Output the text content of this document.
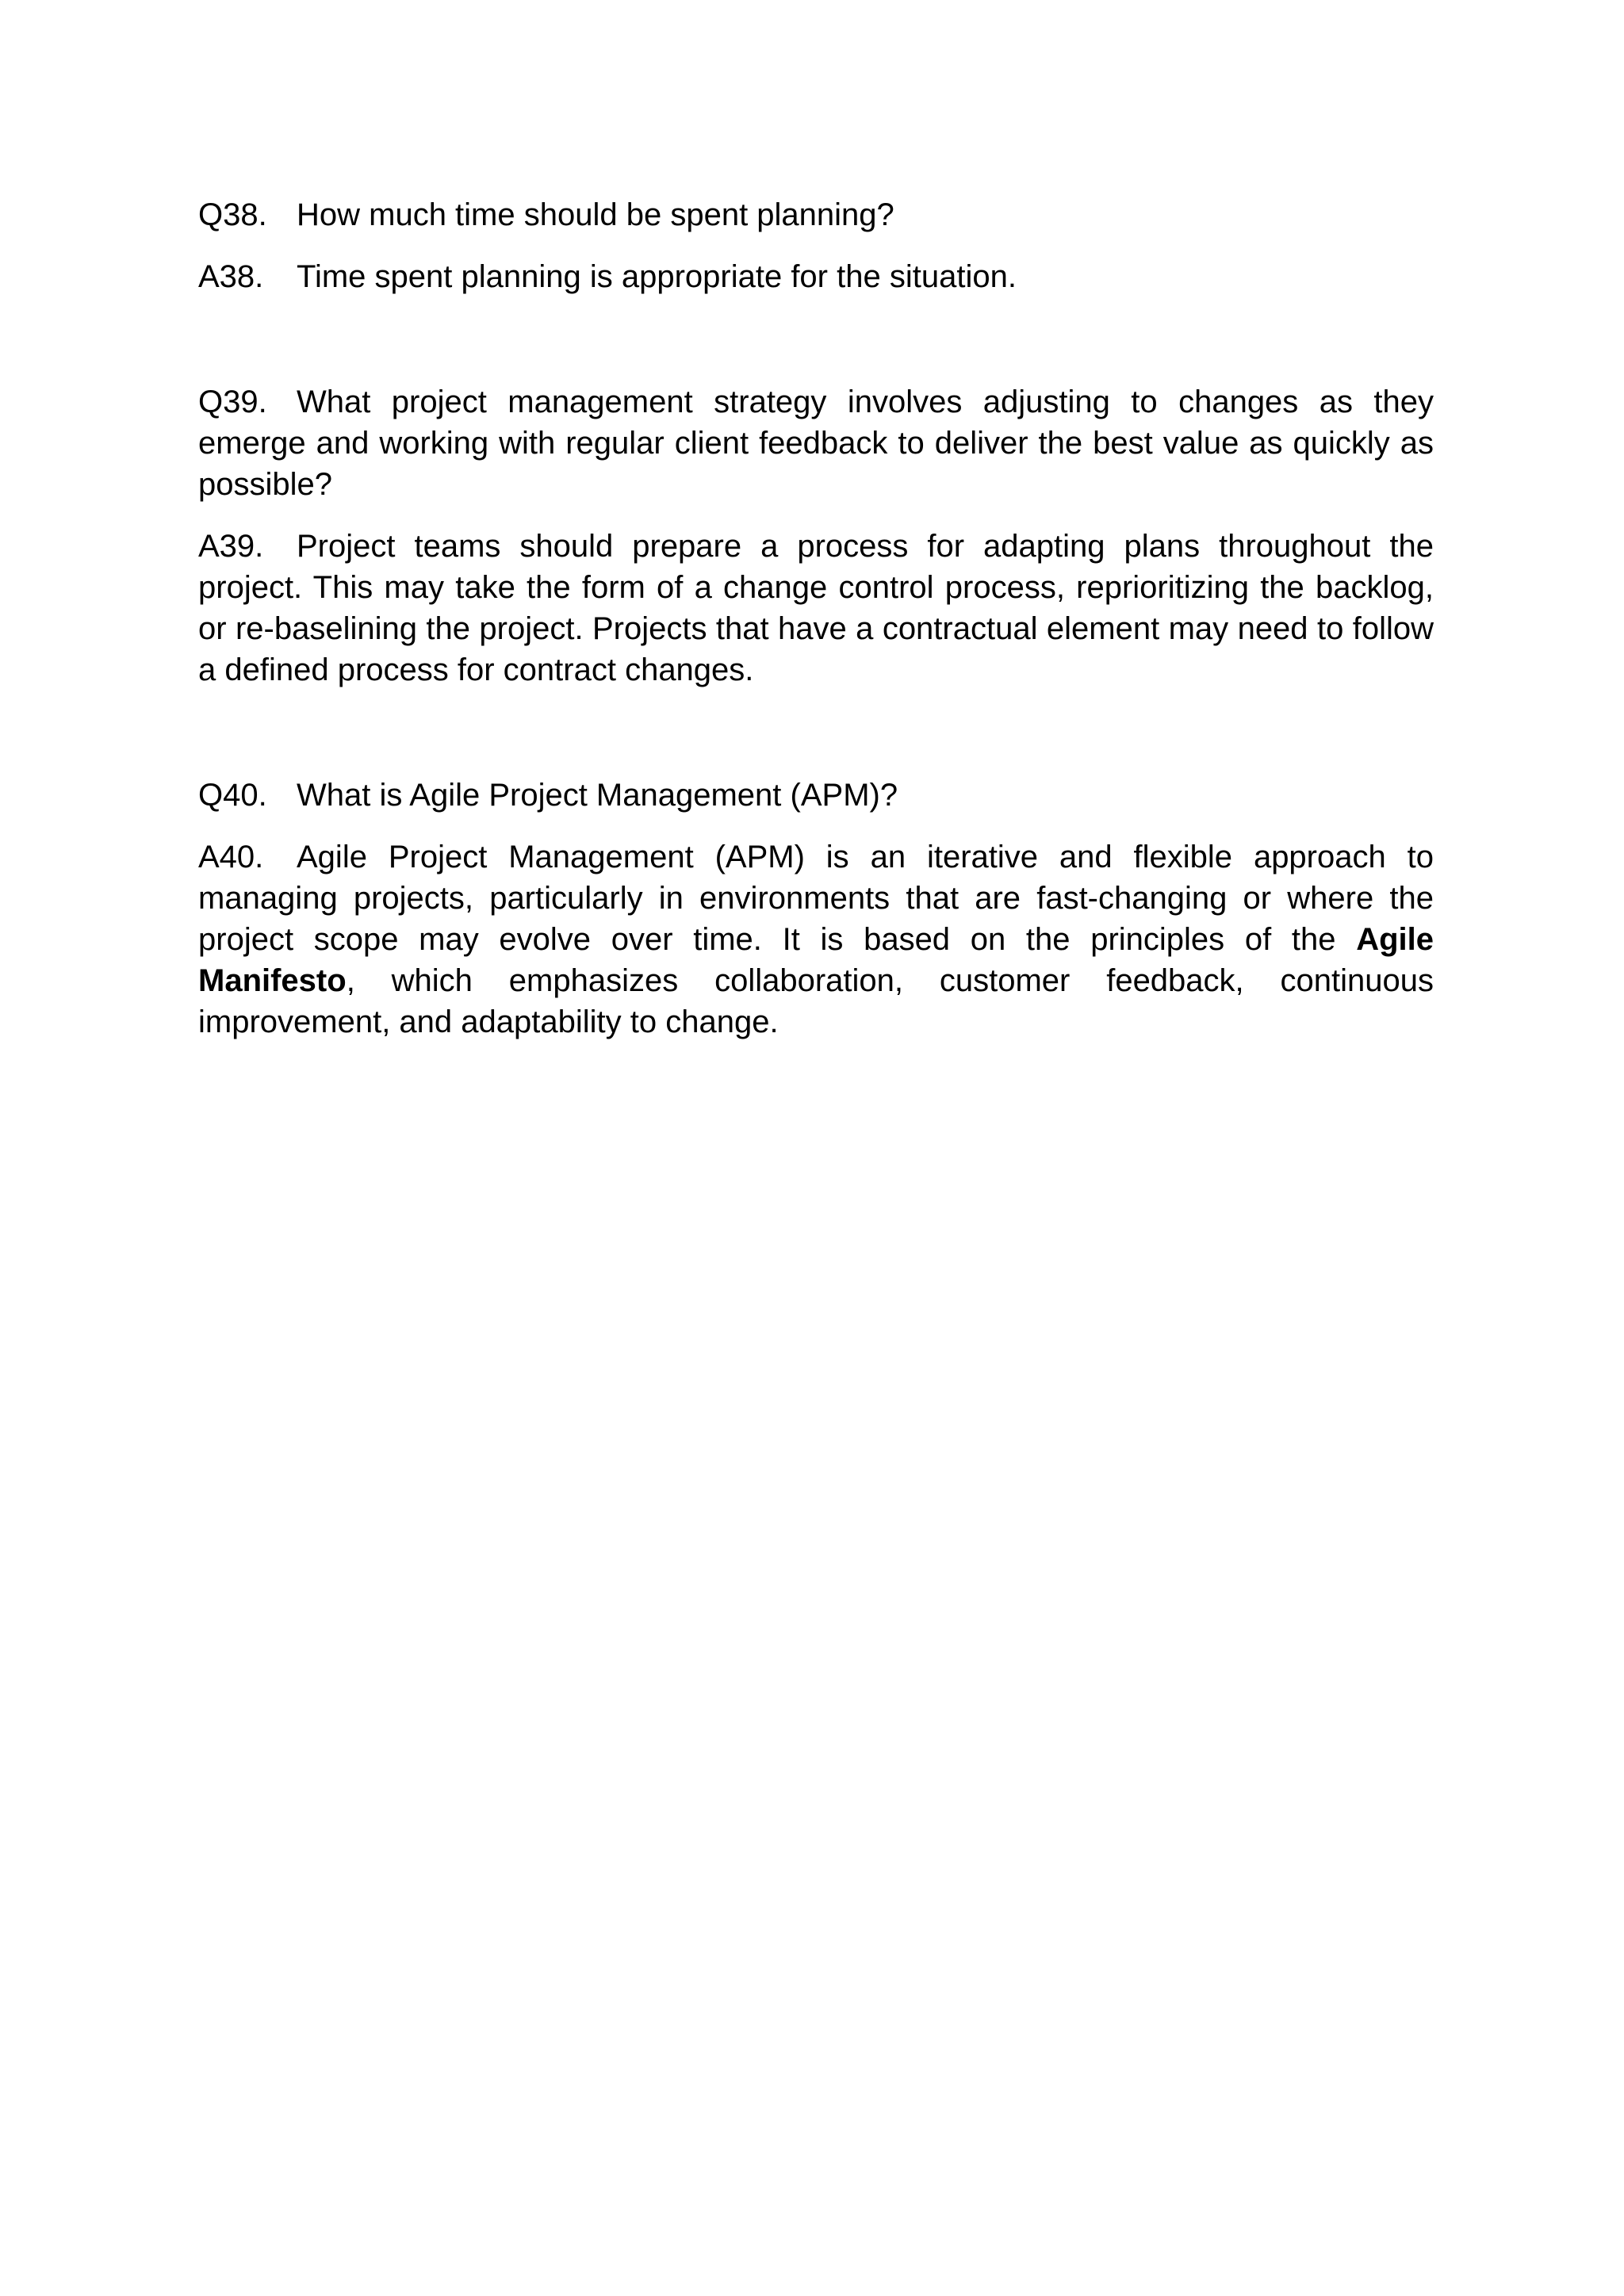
Q38. How much time should be spent planning?

A38. Time spent planning is appropriate for the situation.

Q39. What project management strategy involves adjusting to changes as they emerge and working with regular client feedback to deliver the best value as quickly as possible?

A39. Project teams should prepare a process for adapting plans throughout the project. This may take the form of a change control process, reprioritizing the backlog, or re-baselining the project. Projects that have a contractual element may need to follow a defined process for contract changes.

Q40. What is Agile Project Management (APM)?

A40. Agile Project Management (APM) is an iterative and flexible approach to managing projects, particularly in environments that are fast-changing or where the project scope may evolve over time. It is based on the principles of the Agile Manifesto, which emphasizes collaboration, customer feedback, continuous improvement, and adaptability to change.
